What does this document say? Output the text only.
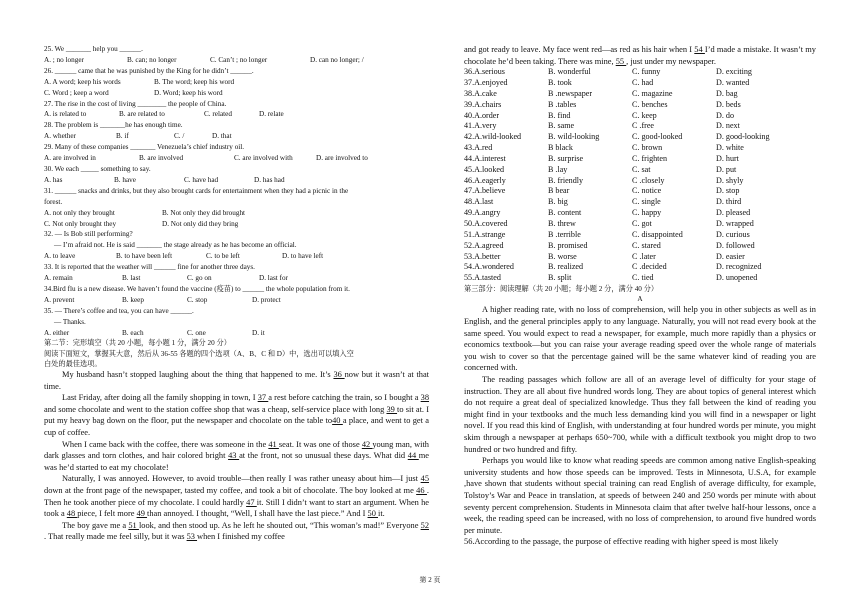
25. We _______ help you ______.
A. ; no longer	B. can; no longer	C. Can’t ; no longer	D. can no longer; /
26. ______ came that he was punished by the King for he didn’t ______.
A. A word; keep his words	B. The word; keep his word
C. Word ; keep a word	D. Word; keep his word
27. The rise in the cost of living ________ the people of China.
A. is related to	B. are related to	C. related	D. relate
28. The problem is _______he has enough time.
A. whether	B. if	C. /	D. that
29. Many of these companies _______ Venezuela’s chief industry oil.
A. are involved in	B. are involved	C. are involved with	D. are involved to
30. We each _____ something to say.
A. has	B. have	C. have had	D. has had
31. ______ snacks and drinks, but they also brought cards for entertainment when they had a picnic in the
forest.
A. not only they brought	B. Not only they did brought
C. Not only brought they	D. Not only did they bring
32. — Is Bob still performing?
— I’m afraid not. He is said _______ the stage already as he has become an official.
A. to leave	B. to have been left	C. to be left	D. to have left
33. It is reported that the weather will ______ fine for another three days.
A. remain	B. last	C. go on	D. last for
34.Bird flu is a new disease. We haven’t found the vaccine (疫苗) to ______ the whole population from it.
A. prevent	B. keep	C. stop	D. protect
35. — There’s coffee and tea, you can have ______.
— Thanks.
A. either	B. each	C. one	D. it
第二节：完形填空（共 20 小题，每小题 1 分，满分 20 分）
阅读下面短文，掌握其大意，然后从 36-55 各题的四个选项（A、B、C 和 D）中，选出可以填入空
白处的最佳选项。

My husband hasn’t stopped laughing about the thing that happened to me. It’s 36 now but it wasn’t at that time.

Last Friday, after doing all the family shopping in town, I 37 a rest before catching the train, so I bought a 38 and some chocolate and went to the station coffee shop that was a cheap, self-service place with long 39 to sit at. I put my heavy bag down on the floor, put the newspaper and chocolate on the table to40 a place, and went to get a cup of coffee.

When I came back with the coffee, there was someone in the 41 seat. It was one of those 42 young man, with dark glasses and torn clothes, and hair colored bright 43 at the front, not so unusual these days. What did 44 me was he’d started to eat my chocolate!

Naturally, I was annoyed. However, to avoid trouble—then really I was rather uneasy about him—I just 45 down at the front page of the newspaper, tasted my coffee, and took a bit of chocolate. The boy looked at me 46 . Then he took another piece of my chocolate. I could hardly 47 it. Still I didn’t want to start an argument. When he took a 48 piece, I felt more 49 than annoyed. I thought, “Well, I shall have the last piece.” And I 50 it.

The boy gave me a 51 look, and then stood up. As he left he shouted out, “This woman’s mad!” Everyone 52 . That really made me feel silly, but it was 53 when I finished my coffee

and got ready to leave. My face went red—as red as his hair when I 54 I’d made a mistake. It wasn’t my chocolate he’d been taking. There was mine, 55 , just under my newspaper.

36.A.serious	B. wonderful	C. funny	D. exciting
37.A.enjoyed	B. took	C. had	D. wanted
38.A.cake	B .newspaper	C. magazine	D. bag
39.A.chairs	B .tables	C. benches	D. beds
40.A.order	B. find	C. keep	D. do
41.A.very	B. same	C .free	D. next
42.A.wild-looked	B. wild-looking	C. good-looked	D. good-looking
43.A.red	B black	C. brown	D. white
44.A.interest	B. surprise	C. frighten	D. hurt
45.A.looked	B .lay	C. sat	D. put
46.A.eagerly	B. friendly	C .closely	D. shyly
47.A.believe	B bear	C. notice	D. stop
48.A.last	B. big	C. single	D. third
49.A.angry	B. content	C. happy	D. pleased
50.A.covered	B. threw	C. got	D. wrapped
51.A.strange	B .terrible	C. disappointed	D. curious
52.A.agreed	B. promised	C. stared	D. followed
53.A.better	B. worse	C .later	D. easier
54.A.wondered	B. realized	C .decided	D. recognized
55.A.tasted	B. split	C. tied	D. unopened
第三部分：阅读理解（共 20 小题；每小题 2 分，满分 40 分）
A

A higher reading rate, with no loss of comprehension, will help you in other subjects as well as in English, and the general principles apply to any language. Naturally, you will not read every book at the same speed. You would expect to read a newspaper, for example, much more rapidly than a physics or economics textbook—but you can raise your average reading speed over the whole range of materials you wish to cover so that the percentage gained will be the same whatever kind of reading you are concerned with.

The reading passages which follow are all of an average level of difficulty for your stage of instruction. They are all about five hundred words long. They are about topics of general interest which do not require a great deal of specialized knowledge. Thus they fall between the kind of reading you might find in your textbooks and the much less demanding kind you will find in a newspaper or light novel. If you read this kind of English, with understanding at four hundred words per minute, you might skim through a newspaper at perhaps 650~700, while with a difficult textbook you might drop to two hundred or two hundred and fifty.

Perhaps you would like to know what reading speeds are common among native English-speaking university students and how those speeds can be improved. Tests in Minnesota, U.S.A, for example ,have shown that students without special training can read English of average difficulty, for example, Tolstoy’s War and Peace in translation, at speeds of between 240 and 250 words per minute with about seventy percent comprehension. Students in Minnesota claim that after twelve half-hour lessons, once a week, the reading speed can be increased, with no loss of comprehension, to around five hundred words per minute.

56.According to the passage, the purpose of effective reading with higher speed is most likely

第 2 页
